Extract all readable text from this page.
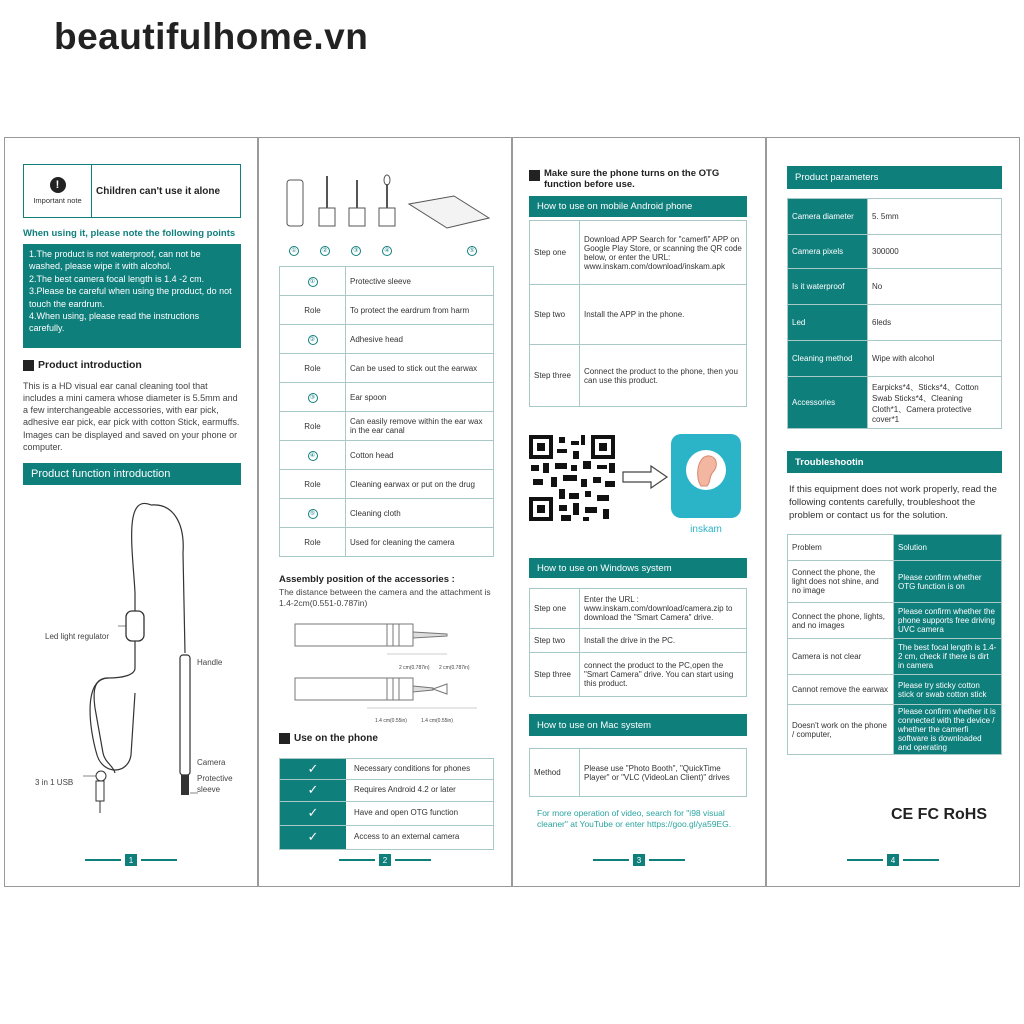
beautifulhome.vn
!
Important note
Children can't use it alone
When using it, please note the following points
1.The product is not waterproof, can not be washed, please wipe it with alcohol.
2.The best camera focal length is 1.4 -2 cm.
3.Please be careful when using the product, do not touch the eardrum.
4.When using, please read the instructions carefully.
Product introduction
This is a HD visual ear canal cleaning tool that includes a mini camera whose diameter is 5.5mm and a few interchangeable accessories, with ear pick, adhesive ear pick, ear pick with cotton Stick, earmuffs. Images can be displayed and saved on your phone or computer.
Product function introduction
Led light regulator
Handle
Camera
Protective sleeve
3 in 1 USB
1
①	②	③	④	⑤
①	Protective sleeve
Role	To protect the eardrum from harm
②	Adhesive head
Role	Can be used to stick out the earwax
③	Ear spoon
Role	Can easily remove within the ear wax in the ear canal
④	Cotton head
Role	Cleaning earwax or put on the drug
⑤	Cleaning cloth
Role	Used for cleaning the camera
Assembly position of the accessories :
The distance between the camera and the attachment is 1.4-2cm(0.551-0.787in)
2 cm(0.787in) 2 cm(0.787in)
1.4 cm(0.55in)	1.4 cm(0.55in)
Use on the phone
✓	Necessary conditions for phones
✓	Requires Android 4.2 or later
✓	Have and open OTG function
✓	Access to an external camera
2
Make sure the phone turns on the OTG function before use.
How to use on mobile Android phone
Step one	Download APP Search for "camerfi" APP on Google Play Store, or scanning the QR code below, or enter the URL: www.inskam.com/download/inskam.apk
Step two	Install the APP in the phone.
Step three	Connect the product to the phone, then you can use this product.
inskam
How to use on Windows system
Step one	Enter the URL : www.inskam.com/download/camera.zip to download the "Smart Camera" drive.
Step two	Install the drive in the PC.
Step three	connect the product to the PC,open the "Smart Camera" drive. You can start using this product.
How to use on Mac system
Method	Please use "Photo Booth", "QuickTime Player" or "VLC (VideoLan Client)" drives
For more operation of video, search for "i98 visual cleaner" at YouTube or enter https://goo.gl/ya59EG.
3
Product parameters
Camera diameter	5. 5mm
Camera pixels	300000
Is it waterproof	No
Led	6leds
Cleaning method	Wipe with alcohol
Accessories	Earpicks*4、Sticks*4、Cotton Swab Sticks*4、Cleaning Cloth*1、Camera protective cover*1
Troubleshootin
If this equipment does not work properly, read the following contents carefully, troubleshoot the problem or contact us for the solution.
Problem	Solution
Connect the phone, the light does not shine, and no image	Please confirm whether OTG function is on
Connect the phone, lights, and no images	Please confirm whether the phone supports free driving UVC camera
Camera is not clear	The best focal length is 1.4-2 cm, check if there is dirt in camera
Cannot remove the earwax	Please try sticky cotton stick or swab cotton stick
Doesn't work on the phone / computer,	Please confirm whether it is connected with the device / whether the camerfi software is downloaded and operating
CE FC RoHS
4
